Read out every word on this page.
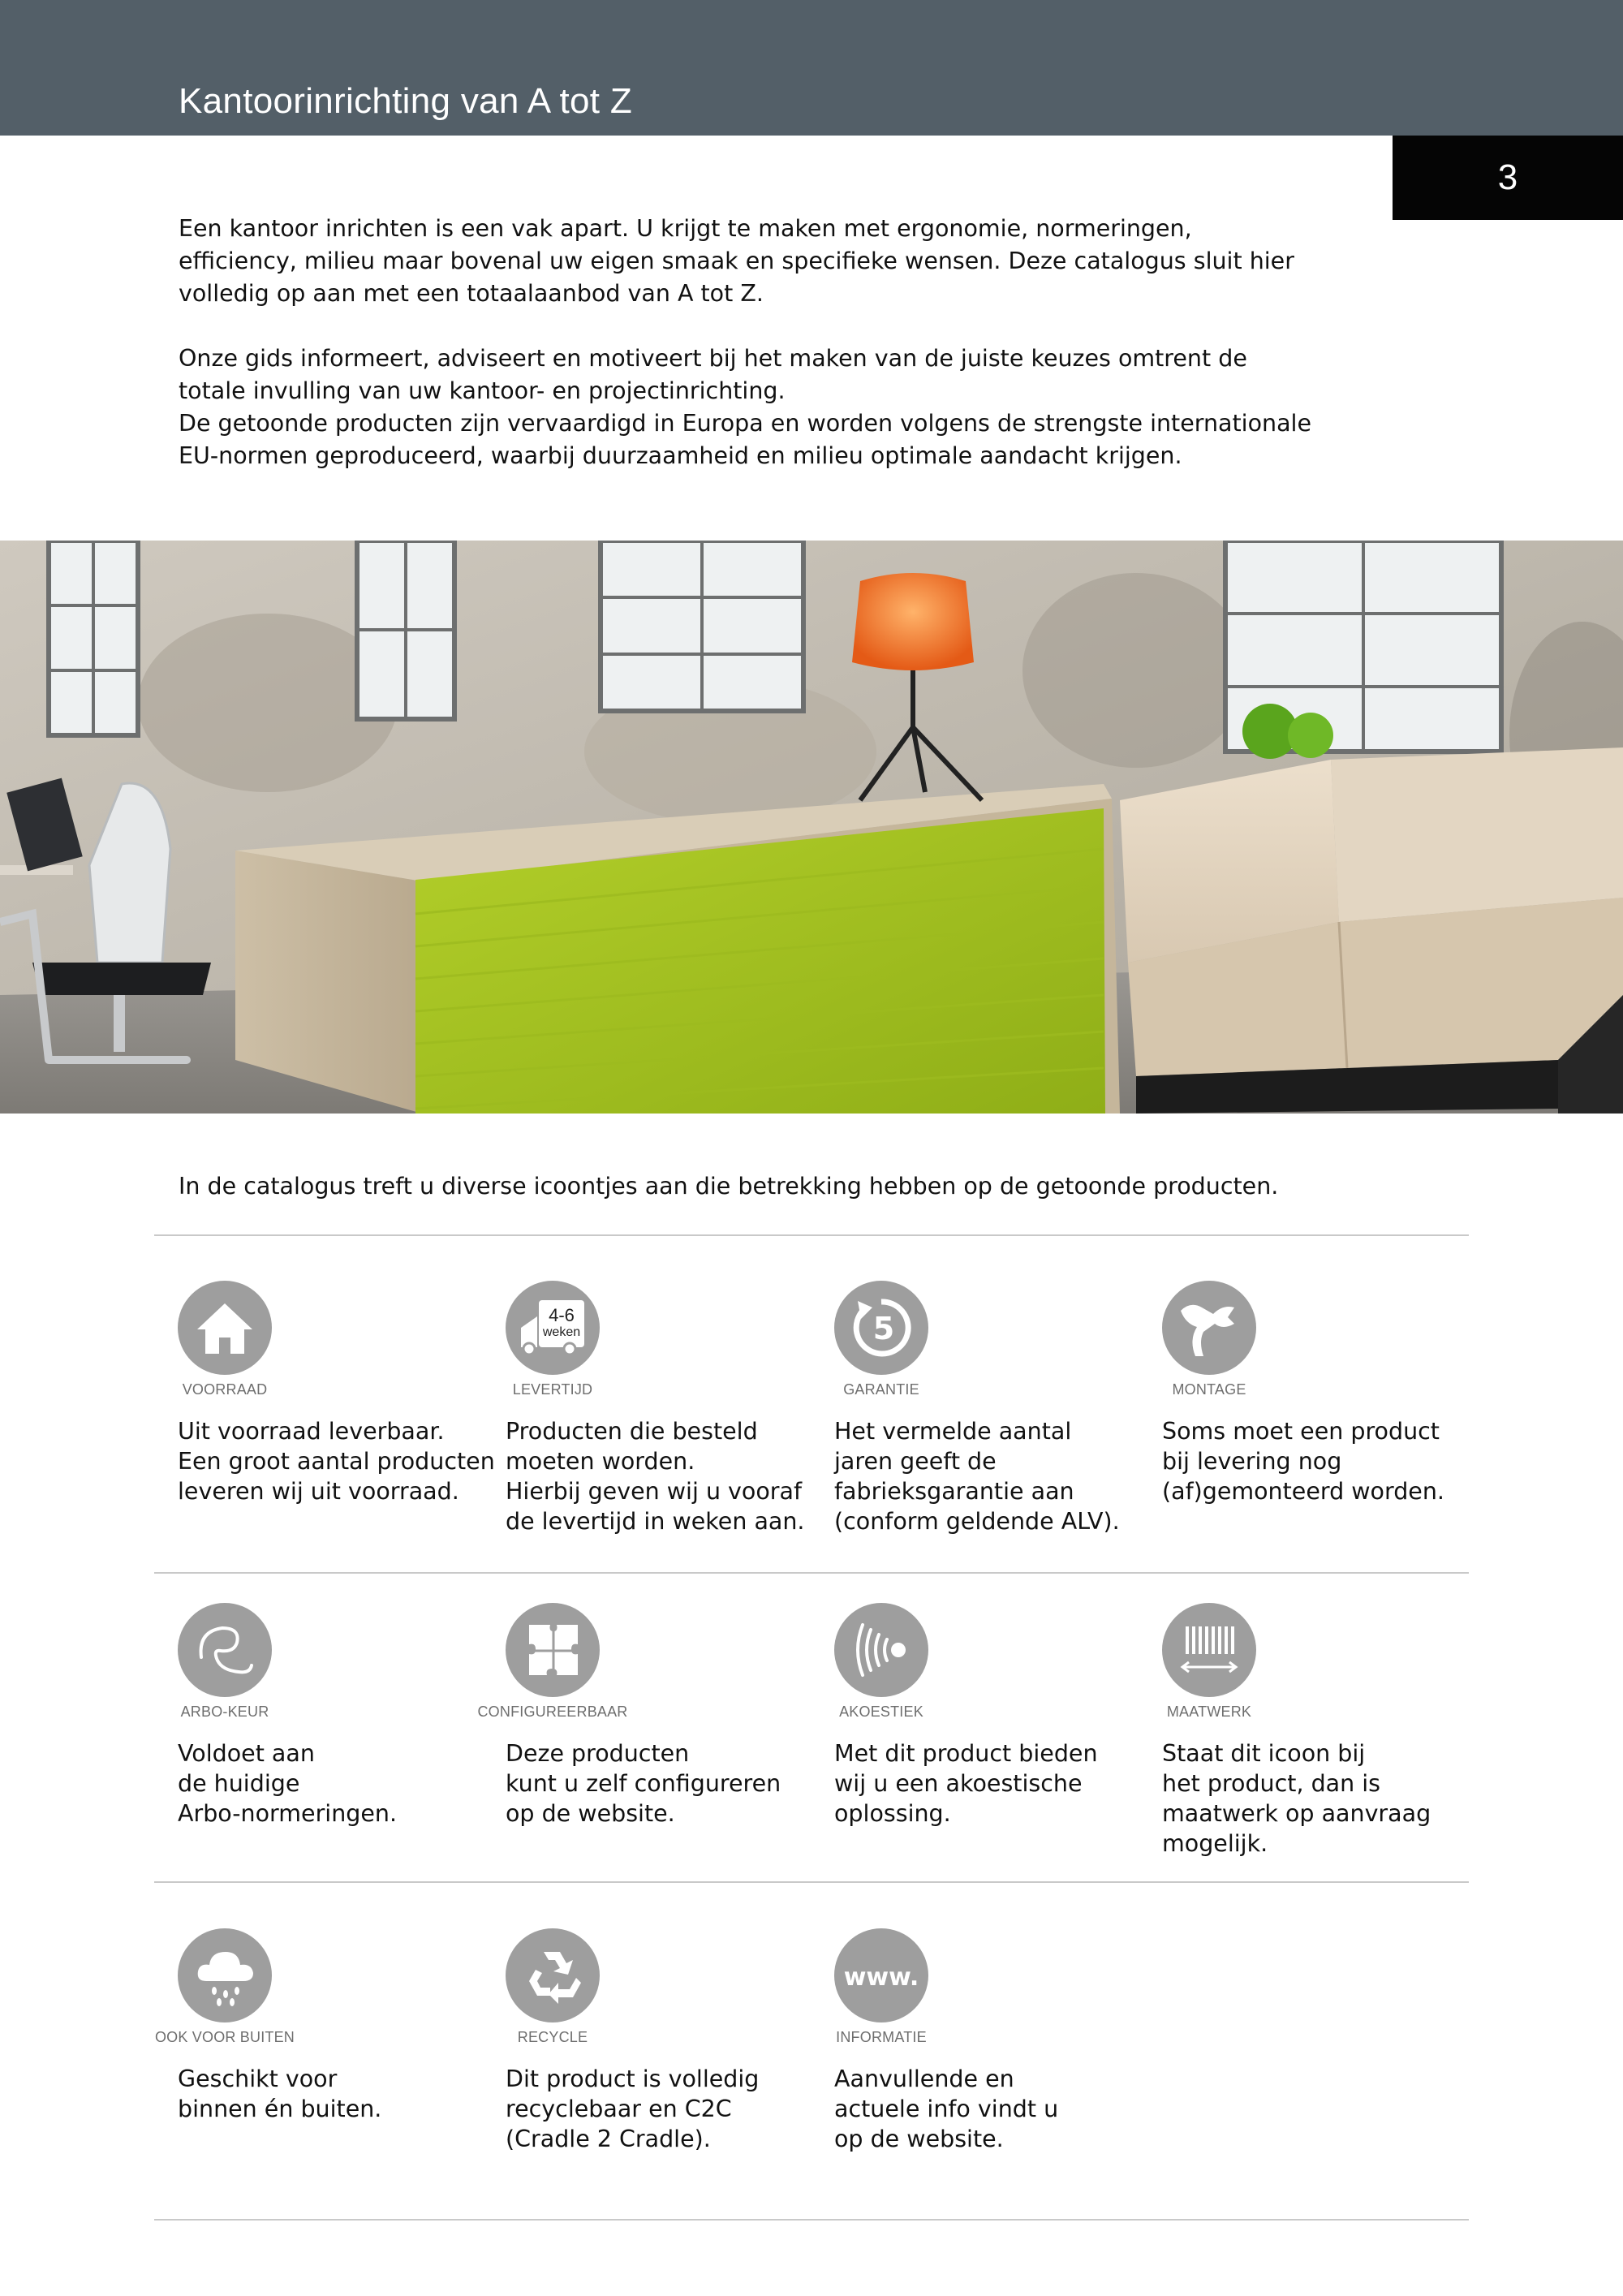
Kantoorinrichting van A tot Z
3

Een kantoor inrichten is een vak apart. U krijgt te maken met ergonomie, normeringen, efficiency, milieu maar bovenal uw eigen smaak en specifieke wensen. Deze catalogus sluit hier volledig op aan met een totaalaanbod van A tot Z.

Onze gids informeert, adviseert en motiveert bij het maken van de juiste keuzes omtrent de totale invulling van uw kantoor- en projectinrichting.

De getoonde producten zijn vervaardigd in Europa en worden volgens de strengste internationale EU-normen geproduceerd, waarbij duurzaamheid en milieu optimale aandacht krijgen.

In de catalogus treft u diverse icoontjes aan die betrekking hebben op de getoonde producten.
VOORRAAD
Uit voorraad leverbaar.
Een groot aantal producten
leveren wij uit voorraad.
4-6
weken
LEVERTIJD
Producten die besteld
moeten worden.
Hierbij geven wij u vooraf
de levertijd in weken aan.
5
GARANTIE
Het vermelde aantal
jaren geeft de
fabrieksgarantie aan
(conform geldende ALV).
MONTAGE
Soms moet een product
bij levering nog
(af)gemonteerd worden.
ARBO-KEUR
Voldoet aan
de huidige
Arbo-normeringen.
CONFIGUREERBAAR
Deze producten
kunt u zelf configureren
op de website.
AKOESTIEK
Met dit product bieden
wij u een akoestische
oplossing.
MAATWERK
Staat dit icoon bij
het product, dan is
maatwerk op aanvraag
mogelijk.
OOK VOOR BUITEN
Geschikt voor
binnen én buiten.
RECYCLE
Dit product is volledig
recyclebaar en C2C
(Cradle 2 Cradle).
www.
INFORMATIE
Aanvullende en
actuele info vindt u
op de website.
